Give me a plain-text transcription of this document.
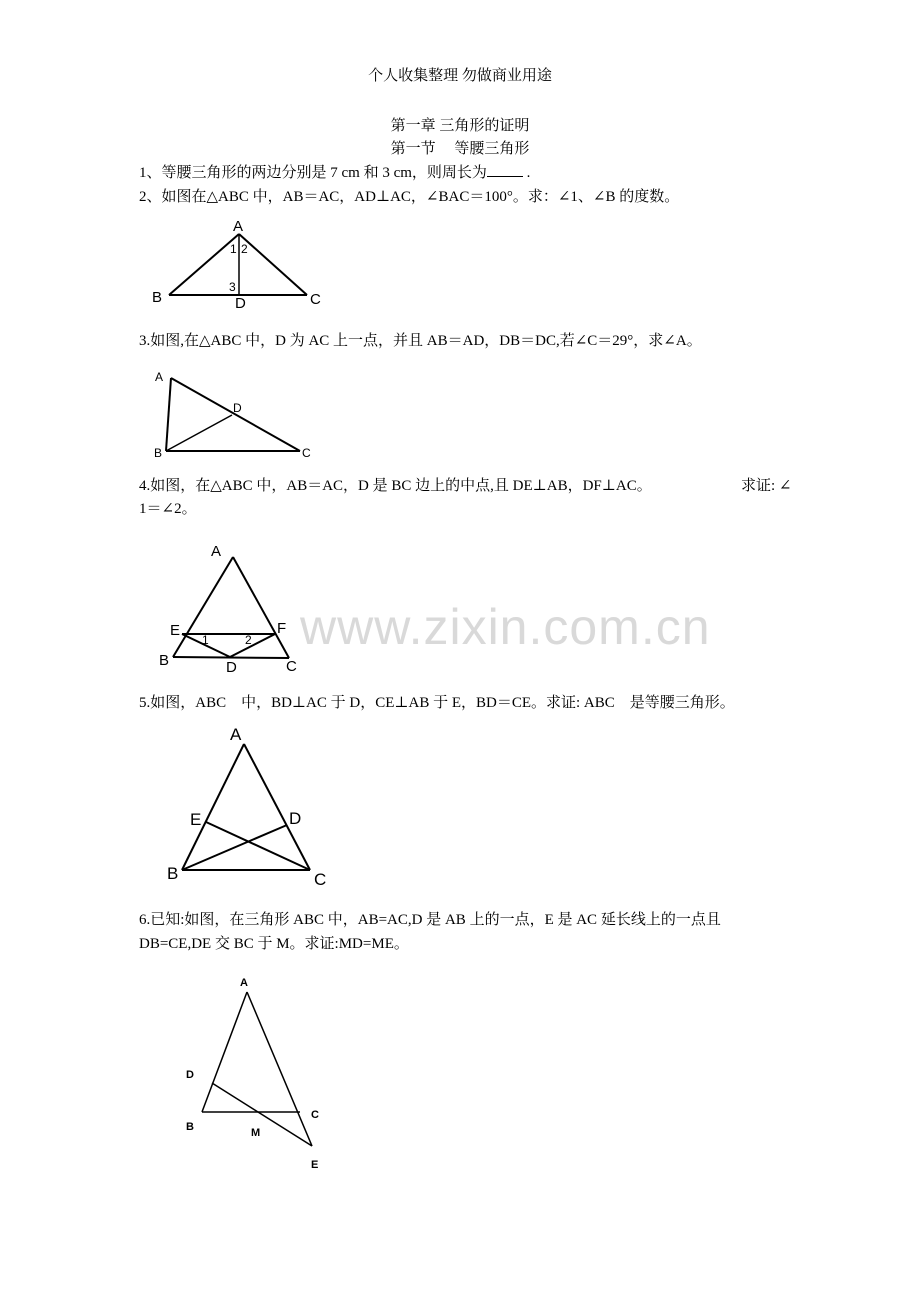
个人收集整理 勿做商业用途
第一章 三角形的证明
第一节　 等腰三角形
1、等腰三角形的两边分别是 7 cm 和 3 cm，则周长为 .
2、如图在△ABC 中，AB＝AC，AD⊥AC，∠BAC＝100°。求：∠1、∠B 的度数。
A
1 2
3
B	D	C
3.如图,在△ABC 中，D 为 AC 上一点，并且 AB＝AD，DB＝DC,若∠C＝29°，求∠A。
A
D
B	C
4.如图，在△ABC 中，AB＝AC，D 是 BC 边上的中点,且 DE⊥AB，DF⊥AC。	求证: ∠
1＝∠2。
www.zixin.com.cn
A
E	F
1	2
B	D	C
5.如图，ABC　中，BD⊥AC 于 D，CE⊥AB 于 E，BD＝CE。求证: ABC　是等腰三角形。
A
E	D
B	C
6.已知:如图，在三角形 ABC 中，AB=AC,D 是 AB 上的一点，E 是 AC 延长线上的一点且
DB=CE,DE 交 BC 于 M。求证:MD=ME。
A
D
C
B	M
E
